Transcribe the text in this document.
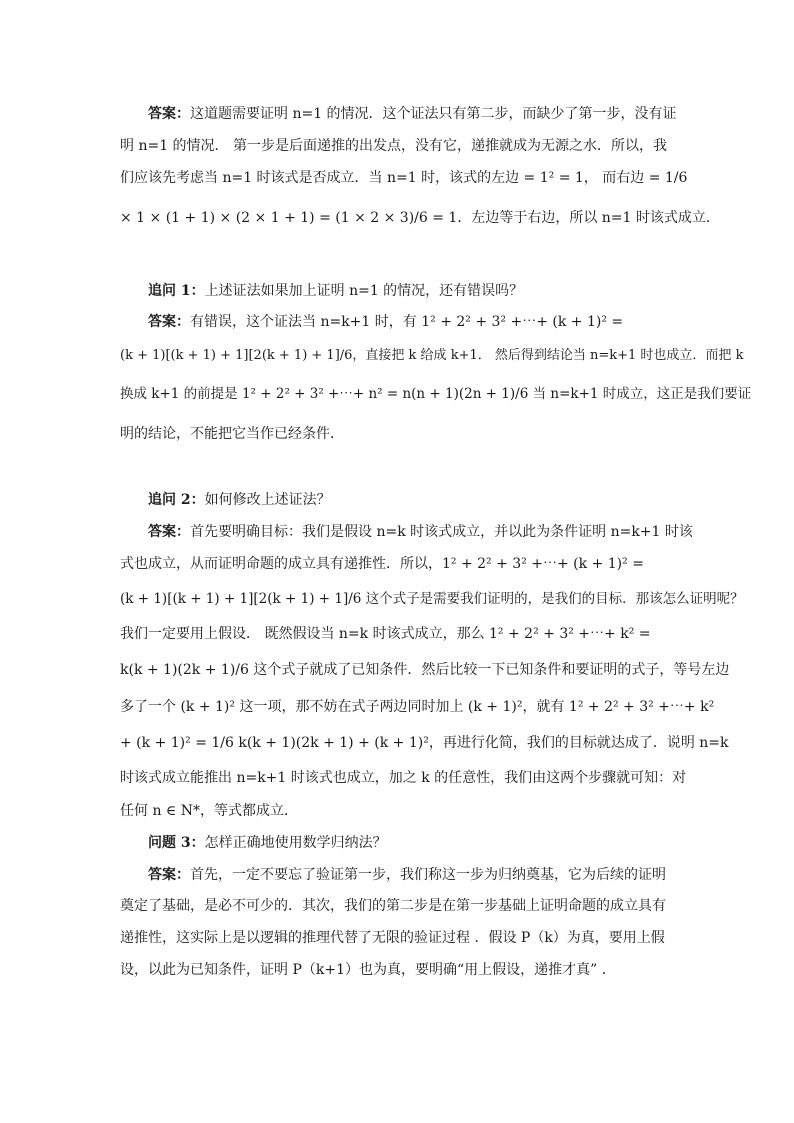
答案：这道题需要证明 n=1 的情况．这个证法只有第二步，而缺少了第一步，没有证
明 n=1 的情况． 第一步是后面递推的出发点，没有它，递推就成为无源之水．所以，我
们应该先考虑当 n=1 时该式是否成立．当 n=1 时，该式的左边 = 1² = 1， 而右边 = 1/6
× 1 × (1 + 1) × (2 × 1 + 1) = (1 × 2 × 3)/6 = 1．左边等于右边，所以 n=1 时该式成立．
追问 1：上述证法如果加上证明 n=1 的情况，还有错误吗？
答案：有错误，这个证法当 n=k+1 时，有 1² + 2² + 3² +⋯+ (k + 1)² =
(k + 1)[(k + 1) + 1][2(k + 1) + 1]/6，直接把 k 给成 k+1． 然后得到结论当 n=k+1 时也成立．而把 k
换成 k+1 的前提是 1² + 2² + 3² +⋯+ n² = n(n + 1)(2n + 1)/6 当 n=k+1 时成立，这正是我们要证
明的结论，不能把它当作已经条件．
追问 2：如何修改上述证法？
答案：首先要明确目标：我们是假设 n=k 时该式成立，并以此为条件证明 n=k+1 时该
式也成立，从而证明命题的成立具有递推性．所以，1² + 2² + 3² +⋯+ (k + 1)² =
(k + 1)[(k + 1) + 1][2(k + 1) + 1]/6 这个式子是需要我们证明的，是我们的目标．那该怎么证明呢？
我们一定要用上假设． 既然假设当 n=k 时该式成立，那么 1² + 2² + 3² +⋯+ k² =
k(k + 1)(2k + 1)/6 这个式子就成了已知条件．然后比较一下已知条件和要证明的式子，等号左边
多了一个 (k + 1)² 这一项，那不妨在式子两边同时加上 (k + 1)²，就有 1² + 2² + 3² +⋯+ k²
+ (k + 1)² = 1/6 k(k + 1)(2k + 1) + (k + 1)²，再进行化简，我们的目标就达成了．说明 n=k
时该式成立能推出 n=k+1 时该式也成立，加之 k 的任意性，我们由这两个步骤就可知：对
任何 n ∈ N*，等式都成立．
问题 3：怎样正确地使用数学归纳法？
答案：首先，一定不要忘了验证第一步，我们称这一步为归纳奠基，它为后续的证明
奠定了基础，是必不可少的．其次，我们的第二步是在第一步基础上证明命题的成立具有
递推性，这实际上是以逻辑的推理代替了无限的验证过程 ．假设 P（k）为真，要用上假
设，以此为已知条件，证明 P（k+1）也为真，要明确“用上假设，递推才真” ．
